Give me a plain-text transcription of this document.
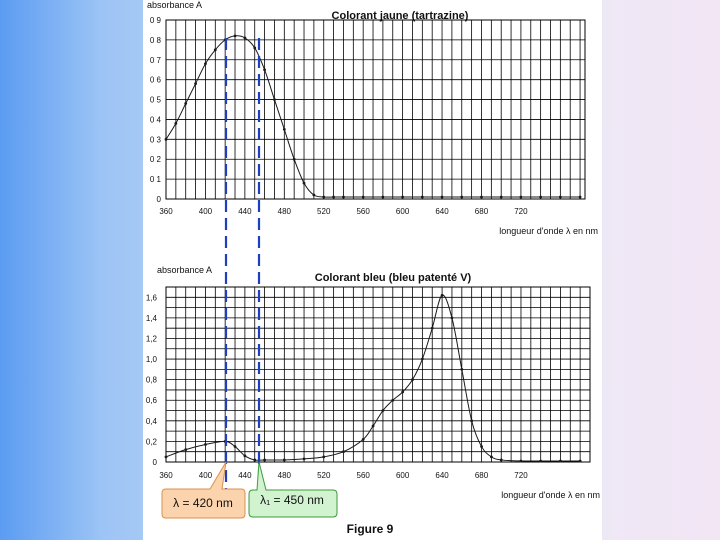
absorbance A
Colorant jaune (tartrazine)
longueur d'onde λ en nm
360	400	440	480	520	560	600	640	680	720
0
0 1
0 2
0 3
0 4
0 5
0 6
0 7
0 8
0 9
absorbance A
Colorant bleu (bleu patenté V)
longueur d'onde λ en nm
360	400	440	480	520	560	600	640	680	720
0
0,2
0,4
0,6
0,8
1,0
1,2
1,4
1,6
λ = 420 nm λ₁ = 450 nm
Figure 9
